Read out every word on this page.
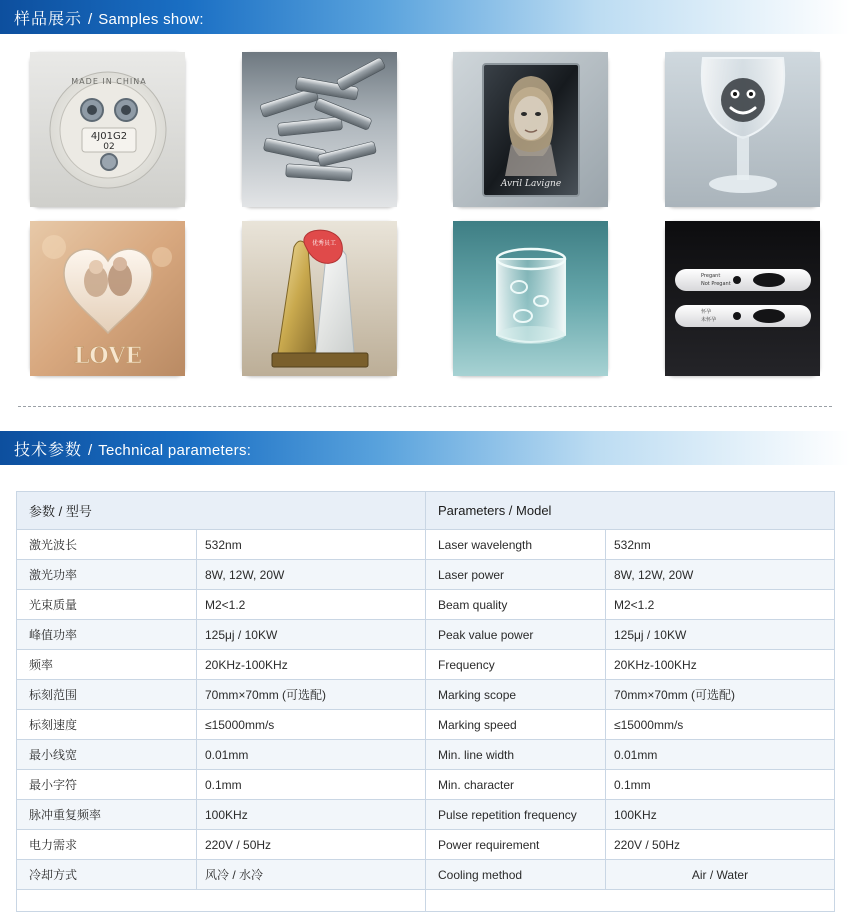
样品展示 / Samples show:
4J01G2
02
MADE IN CHINA
Avril Lavigne
LOVE
优秀员工
Pregant
Not Pregant
怀孕
未怀孕
技术参数 / Technical parameters:
参数 / 型号		Parameters / Model	
激光波长	532nm	Laser wavelength	532nm
激光功率	8W, 12W, 20W	Laser power	8W, 12W, 20W
光束质量	M2<1.2	Beam quality	M2<1.2
峰值功率	125μj / 10KW	Peak value power	125μj / 10KW
频率	20KHz-100KHz	Frequency	20KHz-100KHz
标刻范围	70mm×70mm (可选配)	Marking scope	70mm×70mm (可选配)
标刻速度	≤15000mm/s	Marking speed	≤15000mm/s
最小线宽	0.01mm	Min. line width	0.01mm
最小字符	0.1mm	Min. character	0.1mm
脉冲重复频率	100KHz	Pulse repetition frequency	100KHz
电力需求	220V / 50Hz	Power requirement	220V / 50Hz
冷却方式	风冷 / 水冷	Cooling method	Air / Water
